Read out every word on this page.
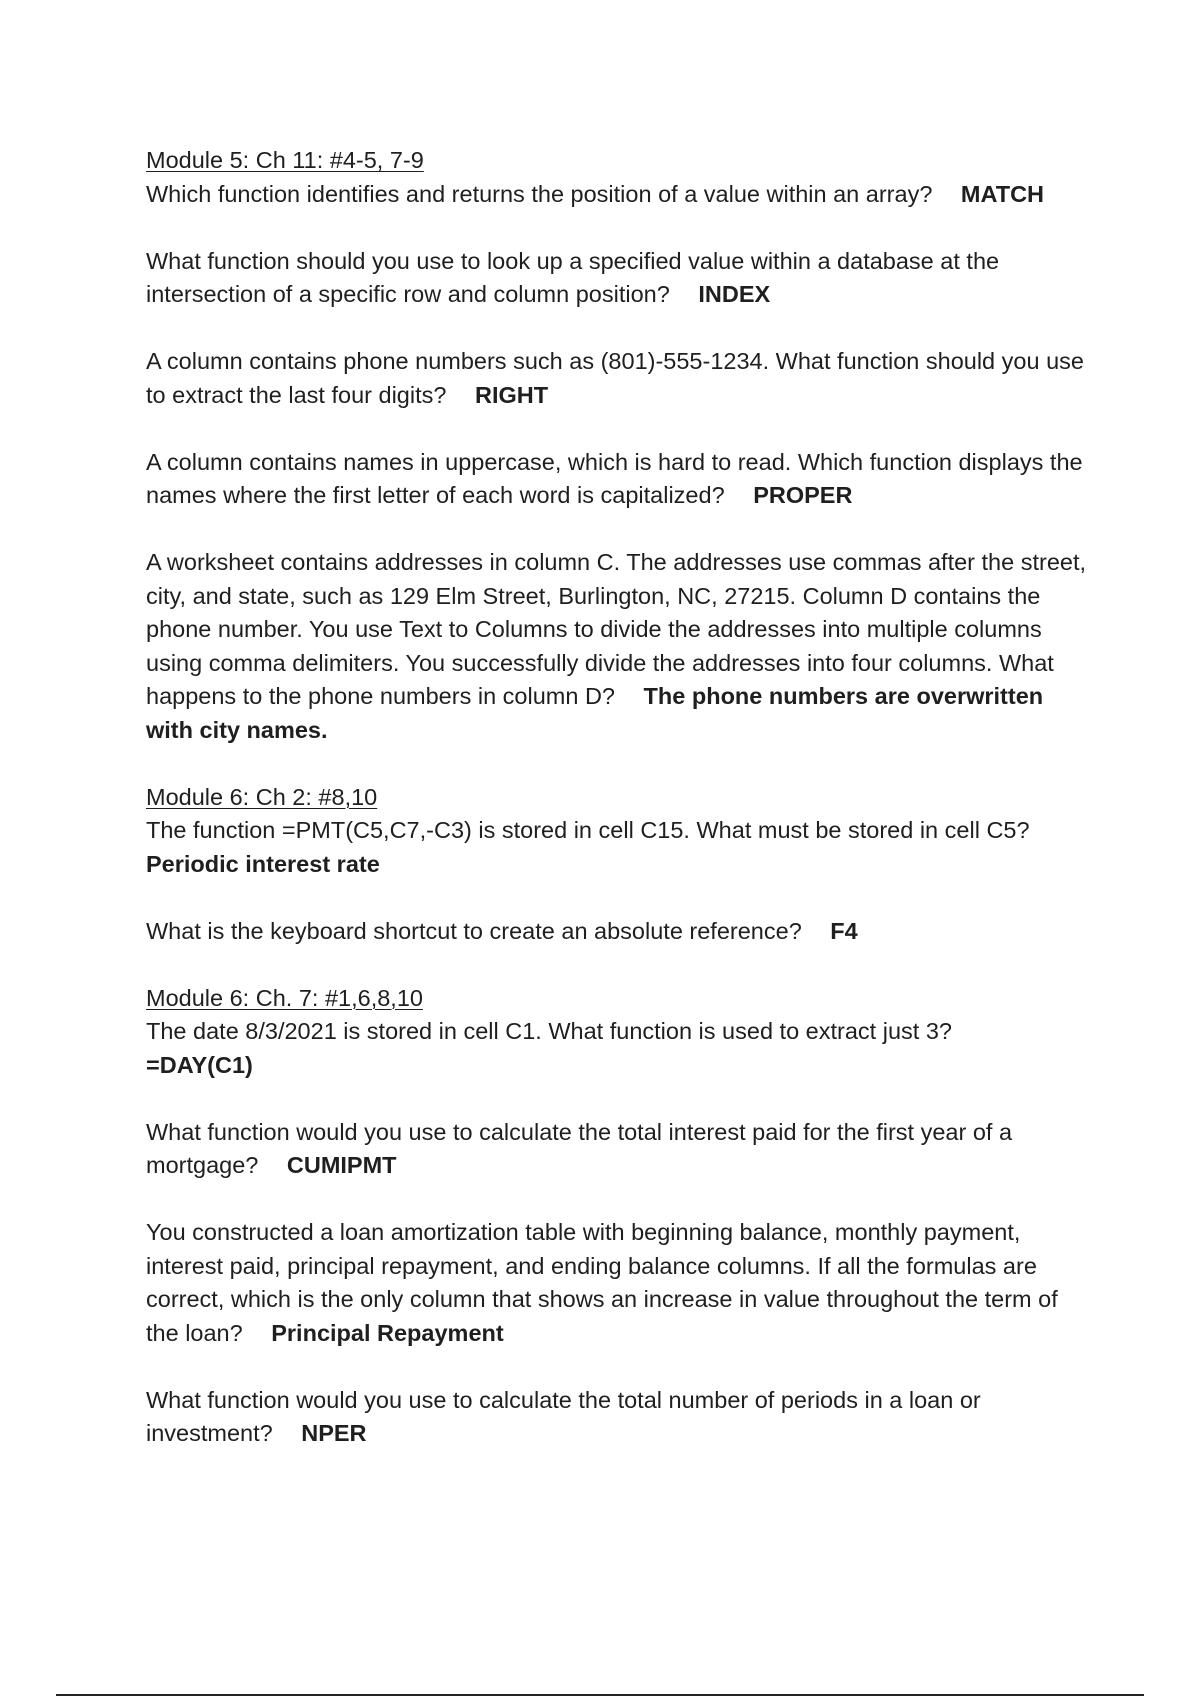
Module 5: Ch 11: #4-5, 7-9
Which function identifies and returns the position of a value within an array? MATCH
What function should you use to look up a specified value within a database at the intersection of a specific row and column position? INDEX
A column contains phone numbers such as (801)-555-1234. What function should you use to extract the last four digits? RIGHT
A column contains names in uppercase, which is hard to read. Which function displays the names where the first letter of each word is capitalized? PROPER
A worksheet contains addresses in column C. The addresses use commas after the street, city, and state, such as 129 Elm Street, Burlington, NC, 27215. Column D contains the phone number. You use Text to Columns to divide the addresses into multiple columns using comma delimiters. You successfully divide the addresses into four columns. What happens to the phone numbers in column D? The phone numbers are overwritten with city names.
Module 6: Ch 2: #8,10
The function =PMT(C5,C7,-C3) is stored in cell C15. What must be stored in cell C5?
Periodic interest rate
What is the keyboard shortcut to create an absolute reference? F4
Module 6: Ch. 7: #1,6,8,10
The date 8/3/2021 is stored in cell C1. What function is used to extract just 3?
=DAY(C1)
What function would you use to calculate the total interest paid for the first year of a mortgage? CUMIPMT
You constructed a loan amortization table with beginning balance, monthly payment, interest paid, principal repayment, and ending balance columns. If all the formulas are correct, which is the only column that shows an increase in value throughout the term of the loan? Principal Repayment
What function would you use to calculate the total number of periods in a loan or investment? NPER
